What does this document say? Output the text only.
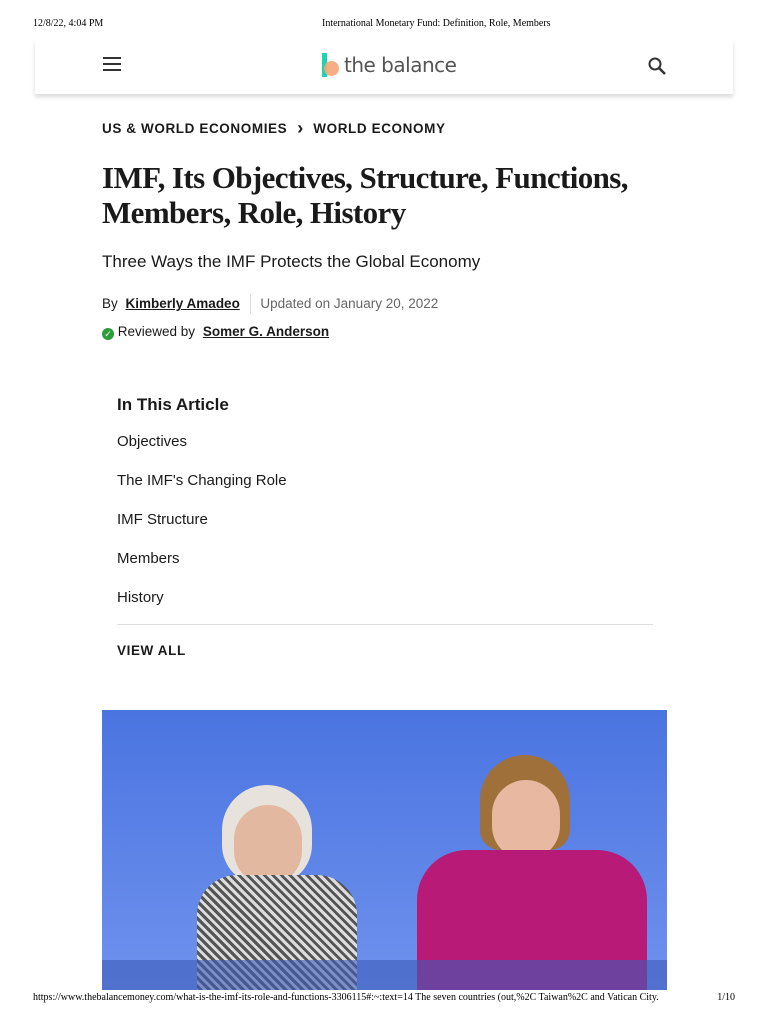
12/8/22, 4:04 PM	International Monetary Fund: Definition, Role, Members
the balance
US & WORLD ECONOMIES › WORLD ECONOMY
IMF, Its Objectives, Structure, Functions, Members, Role, History
Three Ways the IMF Protects the Global Economy
By Kimberly Amadeo Updated on January 20, 2022
✓ Reviewed by Somer G. Anderson
In This Article
Objectives
The IMF's Changing Role
IMF Structure
Members
History
VIEW ALL
https://www.thebalancemoney.com/what-is-the-imf-its-role-and-functions-3306115#:~:text=14 The seven countries (out,%2C Taiwan%2C and Vatican City.	1/10
